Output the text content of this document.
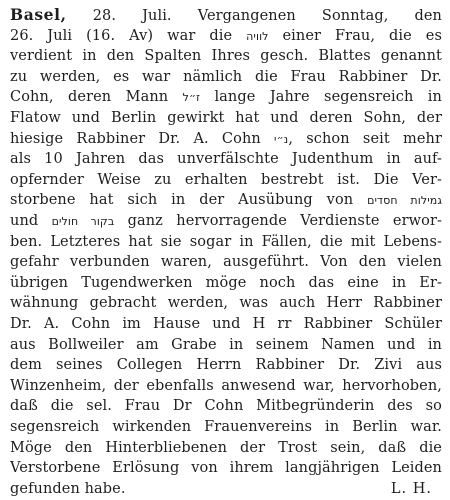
Basel, 28. Juli. Vergangenen Sonntag, den
26. Juli (16. Av) war die לוויה einer Frau, die es
verdient in den Spalten Ihres gesch. Blattes genannt
zu werden, es war nämlich die Frau Rabbiner Dr.
Cohn, deren Mann ז״ל lange Jahre segensreich in
Flatow und Berlin gewirkt hat und deren Sohn, der
hiesige Rabbiner Dr. A. Cohn נ״י, schon seit mehr
als 10 Jahren das unverfälschte Judenthum in auf-
opfernder Weise zu erhalten bestrebt ist. Die Ver-
storbene hat sich in der Ausübung von גמילות חסדים
und בקור חולים ganz hervorragende Verdienste erwor-
ben. Letzteres hat sie sogar in Fällen, die mit Lebens-
gefahr verbunden waren, ausgeführt. Von den vielen
übrigen Tugendwerken möge noch das eine in Er-
wähnung gebracht werden, was auch Herr Rabbiner
Dr. A. Cohn im Hause und H rr Rabbiner Schüler
aus Bollweiler am Grabe in seinem Namen und in
dem seines Collegen Herrn Rabbiner Dr. Zivi aus
Winzenheim, der ebenfalls anwesend war, hervorhoben,
daß die sel. Frau Dr Cohn Mitbegründerin des so
segensreich wirkenden Frauenvereins in Berlin war.
Möge den Hinterbliebenen der Trost sein, daß die
Verstorbene Erlösung von ihrem langjährigen Leiden
gefunden habe.	L. H.
